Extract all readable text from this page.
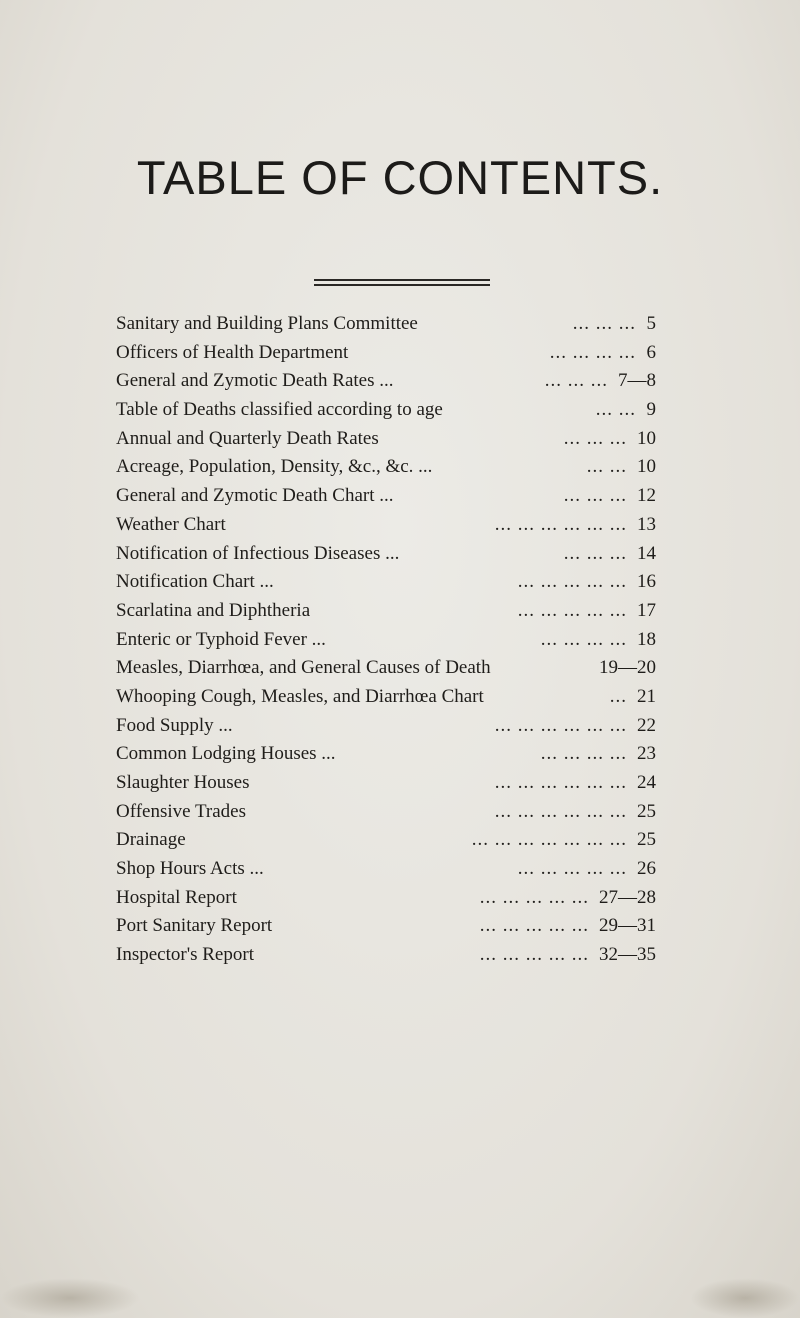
TABLE OF CONTENTS.
Sanitary and Building Plans Committee	... ... ... 5
Officers of Health Department	... ... ... ... 6
General and Zymotic Death Rates ...	... ... ... 7—8
Table of Deaths classified according to age	... ... 9
Annual and Quarterly Death Rates	... ... ... 10
Acreage, Population, Density, &c., &c. ...	... ... 10
General and Zymotic Death Chart ...	... ... ... 12
Weather Chart	... ... ... ... ... ... 13
Notification of Infectious Diseases ...	... ... ... 14
Notification Chart ...	... ... ... ... ... 16
Scarlatina and Diphtheria	... ... ... ... ... 17
Enteric or Typhoid Fever ...	... ... ... ... 18
Measles, Diarrhœa, and General Causes of Death	19—20
Whooping Cough, Measles, and Diarrhœa Chart	... 21
Food Supply ...	... ... ... ... ... ... 22
Common Lodging Houses ...	... ... ... ... 23
Slaughter Houses	... ... ... ... ... ... 24
Offensive Trades	... ... ... ... ... ... 25
Drainage	... ... ... ... ... ... ... 25
Shop Hours Acts ...	... ... ... ... ... 26
Hospital Report	... ... ... ... ... 27—28
Port Sanitary Report	... ... ... ... ... 29—31
Inspector's Report	... ... ... ... ... 32—35
